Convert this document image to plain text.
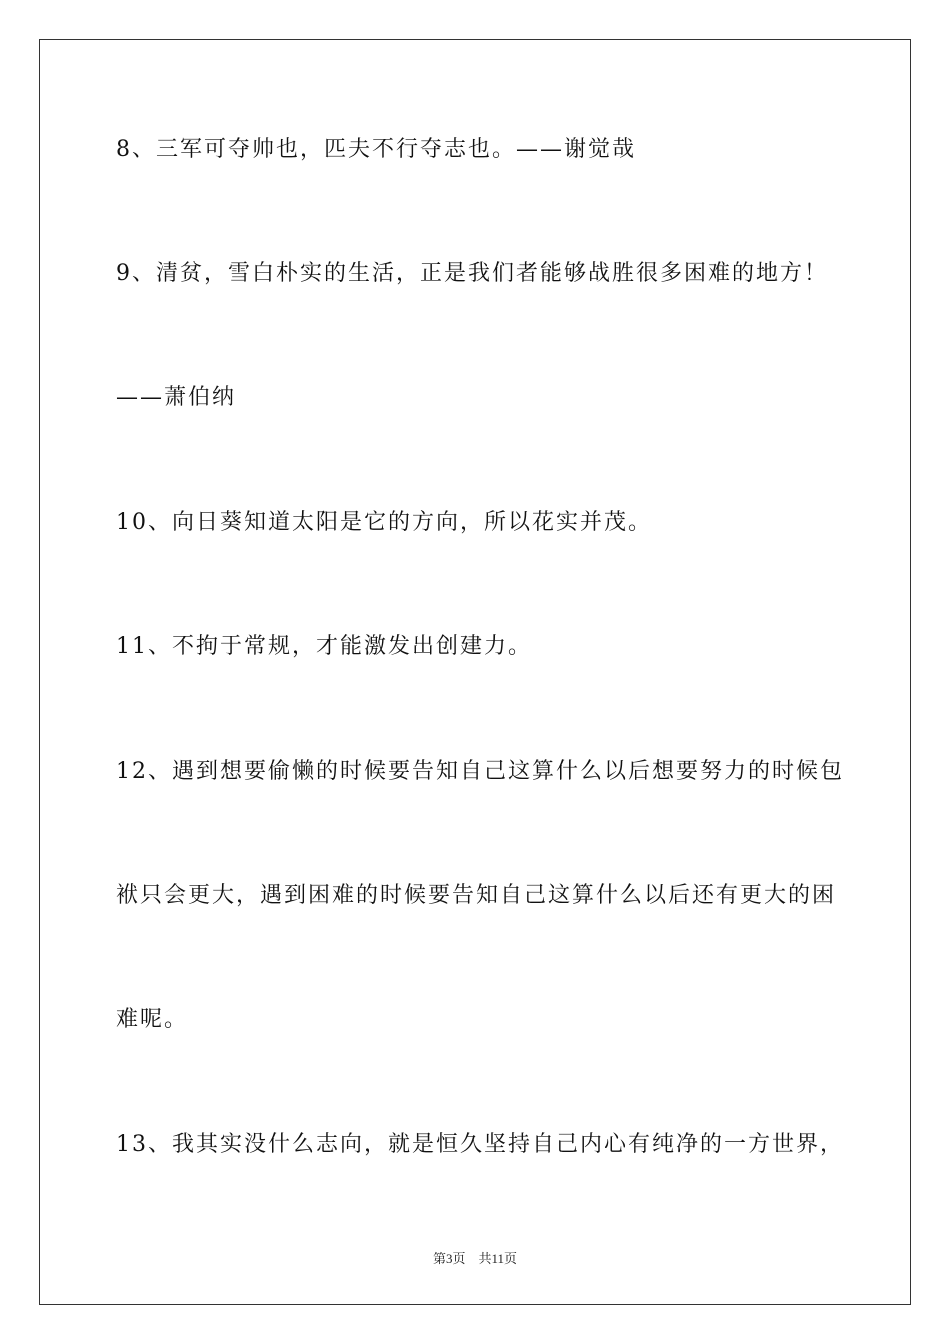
8、三军可夺帅也，匹夫不行夺志也。——谢觉哉
9、清贫，雪白朴实的生活，正是我们者能够战胜很多困难的地方！
——萧伯纳
10、向日葵知道太阳是它的方向，所以花实并茂。
11、不拘于常规，才能激发出创建力。
12、遇到想要偷懒的时候要告知自己这算什么以后想要努力的时候包
袱只会更大，遇到困难的时候要告知自己这算什么以后还有更大的困
难呢。
13、我其实没什么志向，就是恒久坚持自己内心有纯净的一方世界，
第3页　共11页
